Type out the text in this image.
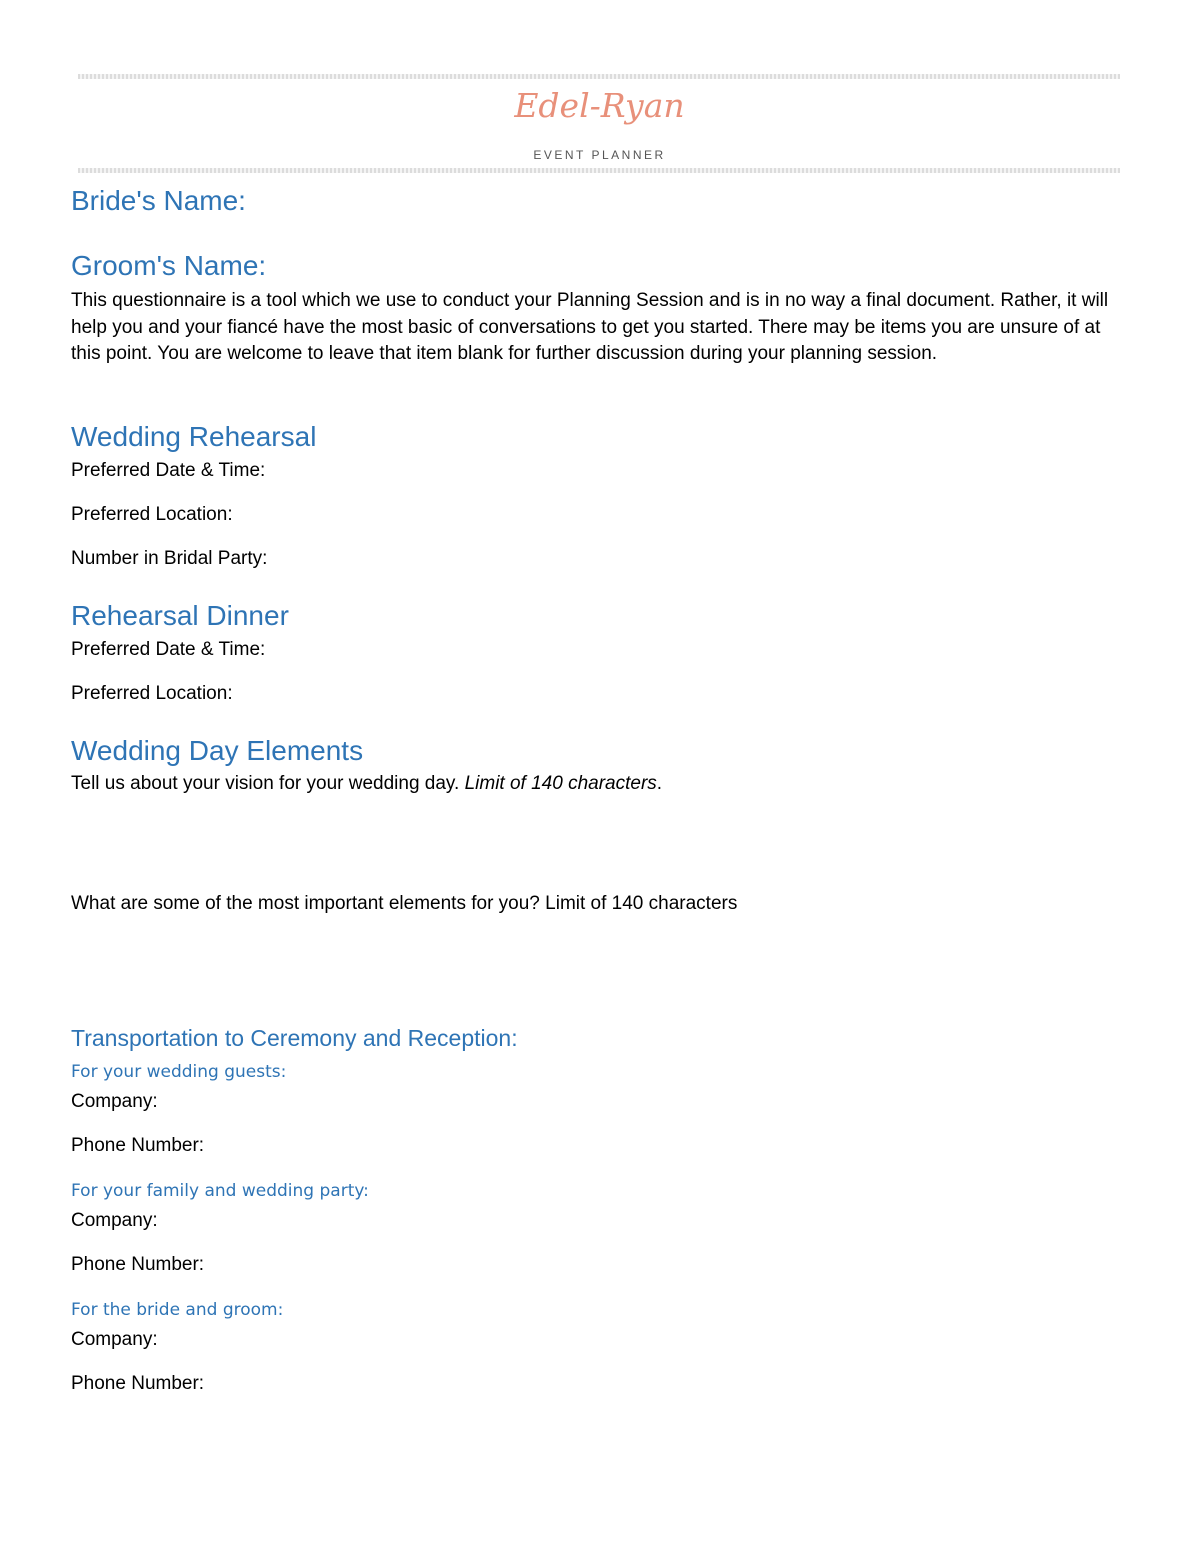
Edel-Ryan
EVENT PLANNER
Bride's Name:
Groom's Name:
This questionnaire is a tool which we use to conduct your Planning Session and is in no way a final document. Rather, it will help you and your fiancé have the most basic of conversations to get you started. There may be items you are unsure of at this point. You are welcome to leave that item blank for further discussion during your planning session.
Wedding Rehearsal
Preferred Date & Time:
Preferred Location:
Number in Bridal Party:
Rehearsal Dinner
Preferred Date & Time:
Preferred Location:
Wedding Day Elements
Tell us about your vision for your wedding day. Limit of 140 characters.
What are some of the most important elements for you? Limit of 140 characters
Transportation to Ceremony and Reception:
For your wedding guests:
Company:
Phone Number:
For your family and wedding party:
Company:
Phone Number:
For the bride and groom:
Company:
Phone Number:
